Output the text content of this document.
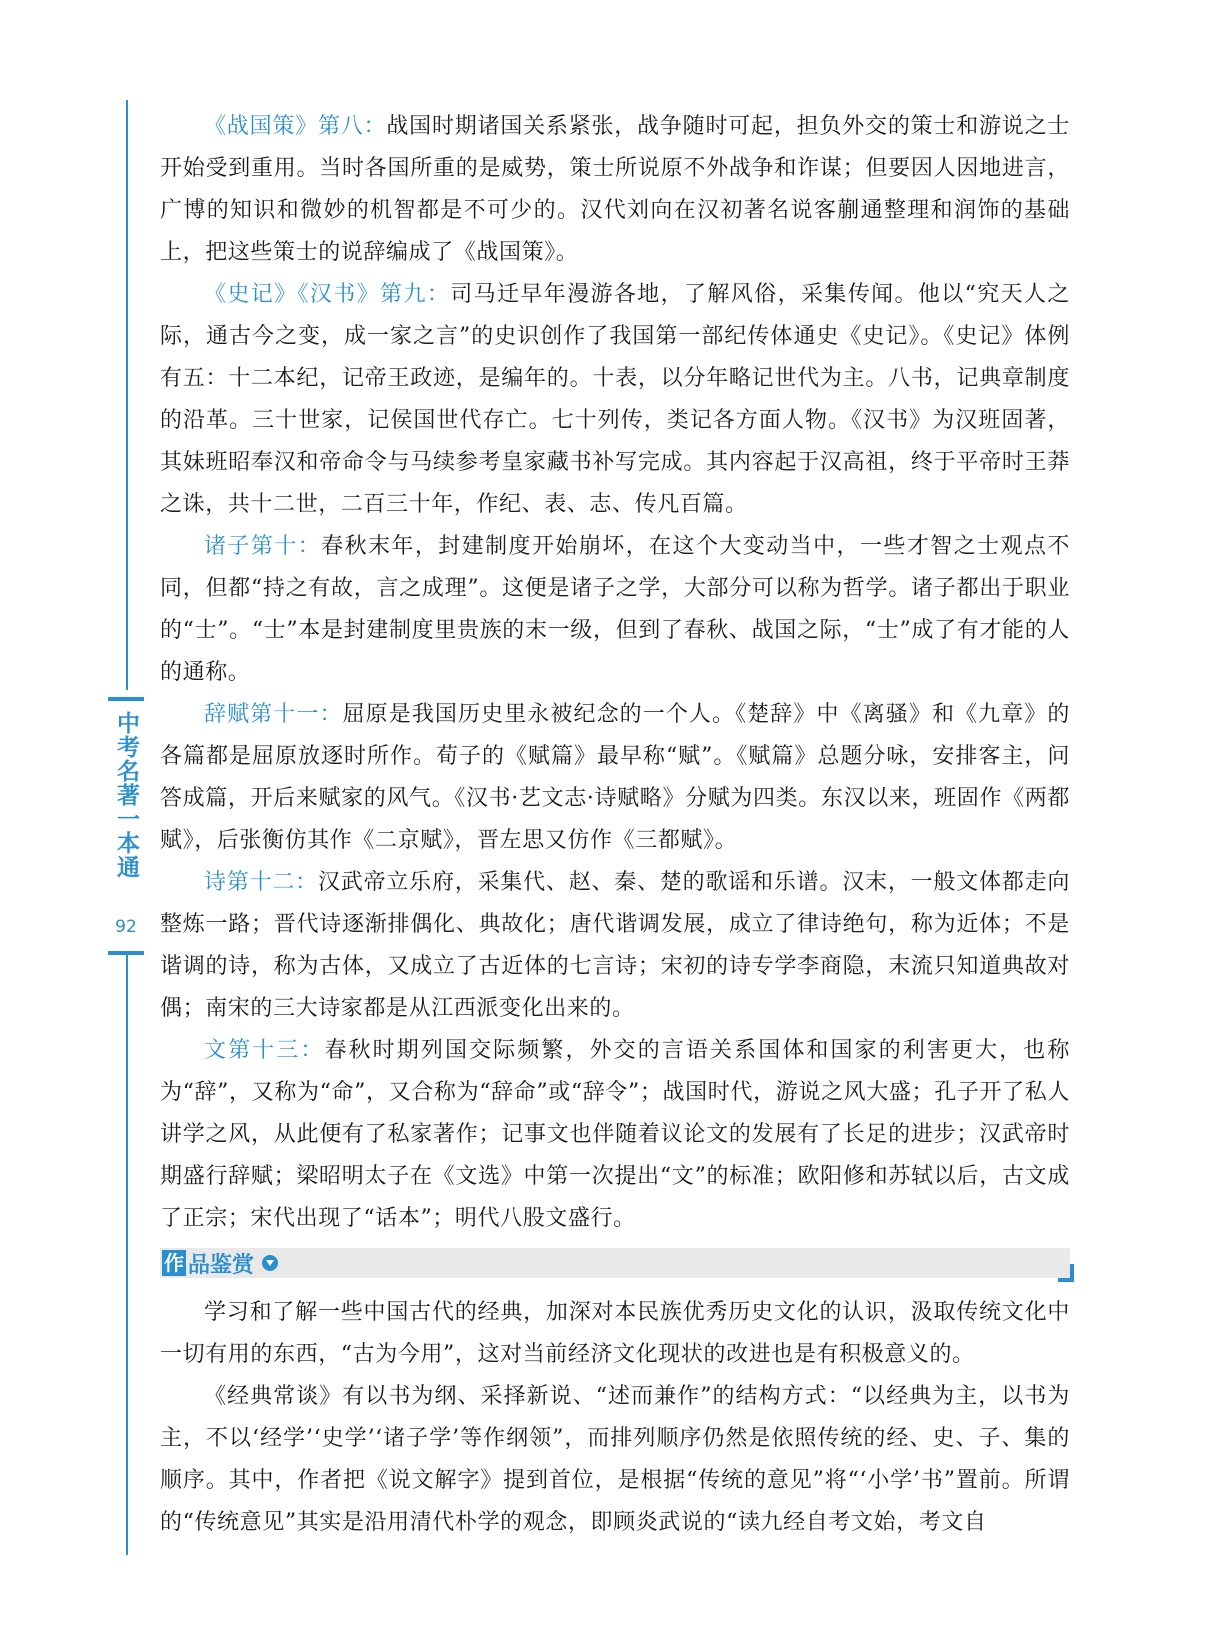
中考名著一本通
92

《战国策》第八：战国时期诸国关系紧张，战争随时可起，担负外交的策士和游说之士开始受到重用。当时各国所重的是威势，策士所说原不外战争和诈谋；但要因人因地进言，广博的知识和微妙的机智都是不可少的。汉代刘向在汉初著名说客蒯通整理和润饰的基础上，把这些策士的说辞编成了《战国策》。

《史记》《汉书》第九：司马迁早年漫游各地，了解风俗，采集传闻。他以“究天人之际，通古今之变，成一家之言”的史识创作了我国第一部纪传体通史《史记》。《史记》体例有五：十二本纪，记帝王政迹，是编年的。十表，以分年略记世代为主。八书，记典章制度的沿革。三十世家，记侯国世代存亡。七十列传，类记各方面人物。《汉书》为汉班固著，其妹班昭奉汉和帝命令与马续参考皇家藏书补写完成。其内容起于汉高祖，终于平帝时王莽之诛，共十二世，二百三十年，作纪、表、志、传凡百篇。

诸子第十：春秋末年，封建制度开始崩坏，在这个大变动当中，一些才智之士观点不同，但都“持之有故，言之成理”。这便是诸子之学，大部分可以称为哲学。诸子都出于职业的“士”。“士”本是封建制度里贵族的末一级，但到了春秋、战国之际，“士”成了有才能的人的通称。

辞赋第十一：屈原是我国历史里永被纪念的一个人。《楚辞》中《离骚》和《九章》的各篇都是屈原放逐时所作。荀子的《赋篇》最早称“赋”。《赋篇》总题分咏，安排客主，问答成篇，开后来赋家的风气。《汉书·艺文志·诗赋略》分赋为四类。东汉以来，班固作《两都赋》，后张衡仿其作《二京赋》，晋左思又仿作《三都赋》。

诗第十二：汉武帝立乐府，采集代、赵、秦、楚的歌谣和乐谱。汉末，一般文体都走向整炼一路；晋代诗逐渐排偶化、典故化；唐代谐调发展，成立了律诗绝句，称为近体；不是谐调的诗，称为古体，又成立了古近体的七言诗；宋初的诗专学李商隐，末流只知道典故对偶；南宋的三大诗家都是从江西派变化出来的。

文第十三：春秋时期列国交际频繁，外交的言语关系国体和国家的利害更大，也称为“辞”，又称为“命”，又合称为“辞命”或“辞令”；战国时代，游说之风大盛；孔子开了私人讲学之风，从此便有了私家著作；记事文也伴随着议论文的发展有了长足的进步；汉武帝时期盛行辞赋；梁昭明太子在《文选》中第一次提出“文”的标准；欧阳修和苏轼以后，古文成了正宗；宋代出现了“话本”；明代八股文盛行。

作 品鉴赏

学习和了解一些中国古代的经典，加深对本民族优秀历史文化的认识，汲取传统文化中一切有用的东西，“古为今用”，这对当前经济文化现状的改进也是有积极意义的。

《经典常谈》有以书为纲、采择新说、“述而兼作”的结构方式：“以经典为主，以书为主，不以‘经学’‘史学’‘诸子学’等作纲领”，而排列顺序仍然是依照传统的经、史、子、集的顺序。其中，作者把《说文解字》提到首位，是根据“传统的意见”将“‘小学’书”置前。所谓的“传统意见”其实是沿用清代朴学的观念，即顾炎武说的“读九经自考文始，考文自
